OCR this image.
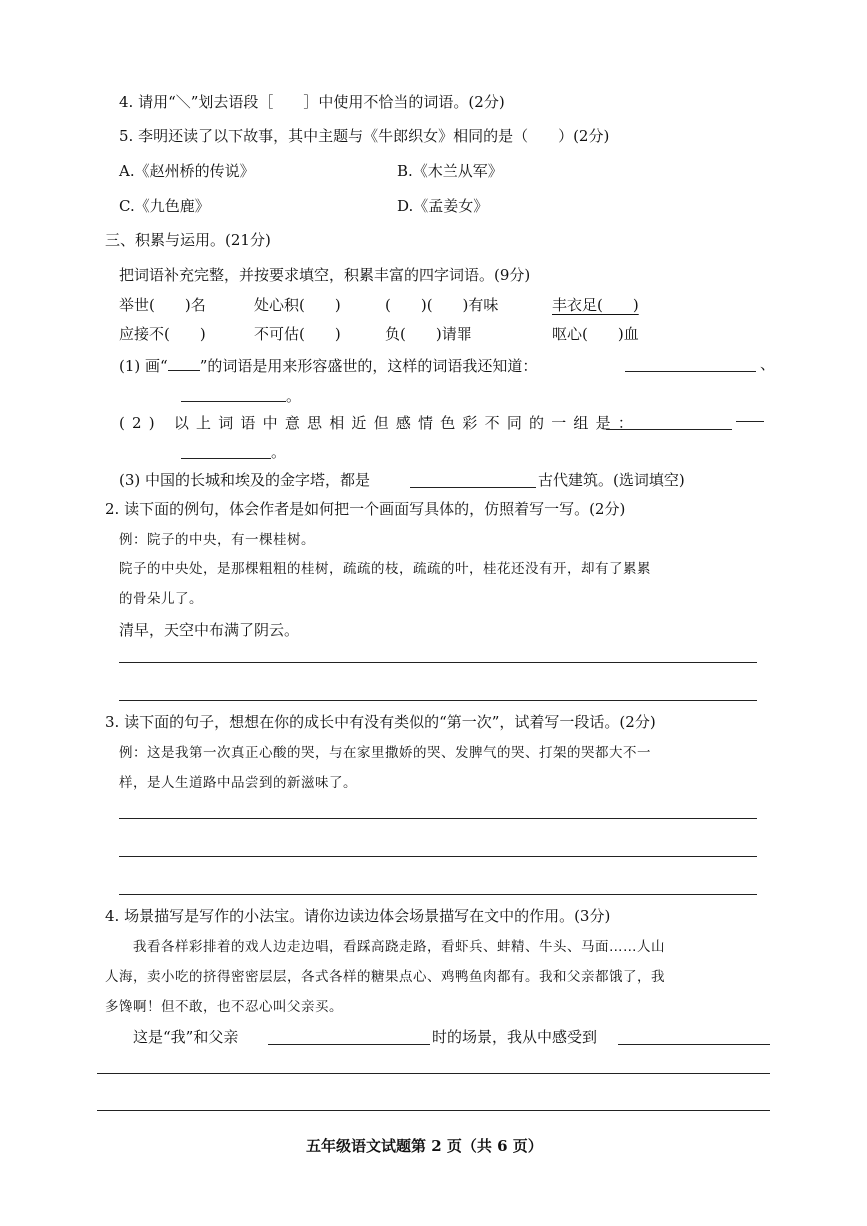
4. 请用“＼”划去语段［　　］中使用不恰当的词语。(2分)
5. 李明还读了以下故事，其中主题与《牛郎织女》相同的是（　　）(2分)
A.《赵州桥的传说》	B.《木兰从军》
C.《九色鹿》	D.《孟姜女》
三、积累与运用。(21分)
把词语补充完整，并按要求填空，积累丰富的四字词语。(9分)
举世(　　)名	处心积(　　)	(　　)(　　)有味	丰衣足(　　)
应接不(　　)	不可估(　　)	负(　　)请罪	呕心(　　)血
(1) 画“ ”的词语是用来形容盛世的，这样的词语我还知道：	、
。
(2) 以上词语中意思相近但感情色彩不同的一组是：
。
(3) 中国的长城和埃及的金字塔，都是	古代建筑。(选词填空)
2. 读下面的例句，体会作者是如何把一个画面写具体的，仿照着写一写。(2分)
例：院子的中央，有一棵桂树。
院子的中央处，是那棵粗粗的桂树，疏疏的枝，疏疏的叶，桂花还没有开，却有了累累
的骨朵儿了。
清早，天空中布满了阴云。
3. 读下面的句子，想想在你的成长中有没有类似的“第一次”，试着写一段话。(2分)
例：这是我第一次真正心酸的哭，与在家里撒娇的哭、发脾气的哭、打架的哭都大不一
样，是人生道路中品尝到的新滋味了。
4. 场景描写是写作的小法宝。请你边读边体会场景描写在文中的作用。(3分)
我看各样彩排着的戏人边走边唱，看踩高跷走路，看虾兵、蚌精、牛头、马面……人山
人海，卖小吃的挤得密密层层，各式各样的糖果点心、鸡鸭鱼肉都有。我和父亲都饿了，我
多馋啊！但不敢，也不忍心叫父亲买。
这是“我”和父亲	时的场景，我从中感受到
五年级语文试题第 2 页（共 6 页）
